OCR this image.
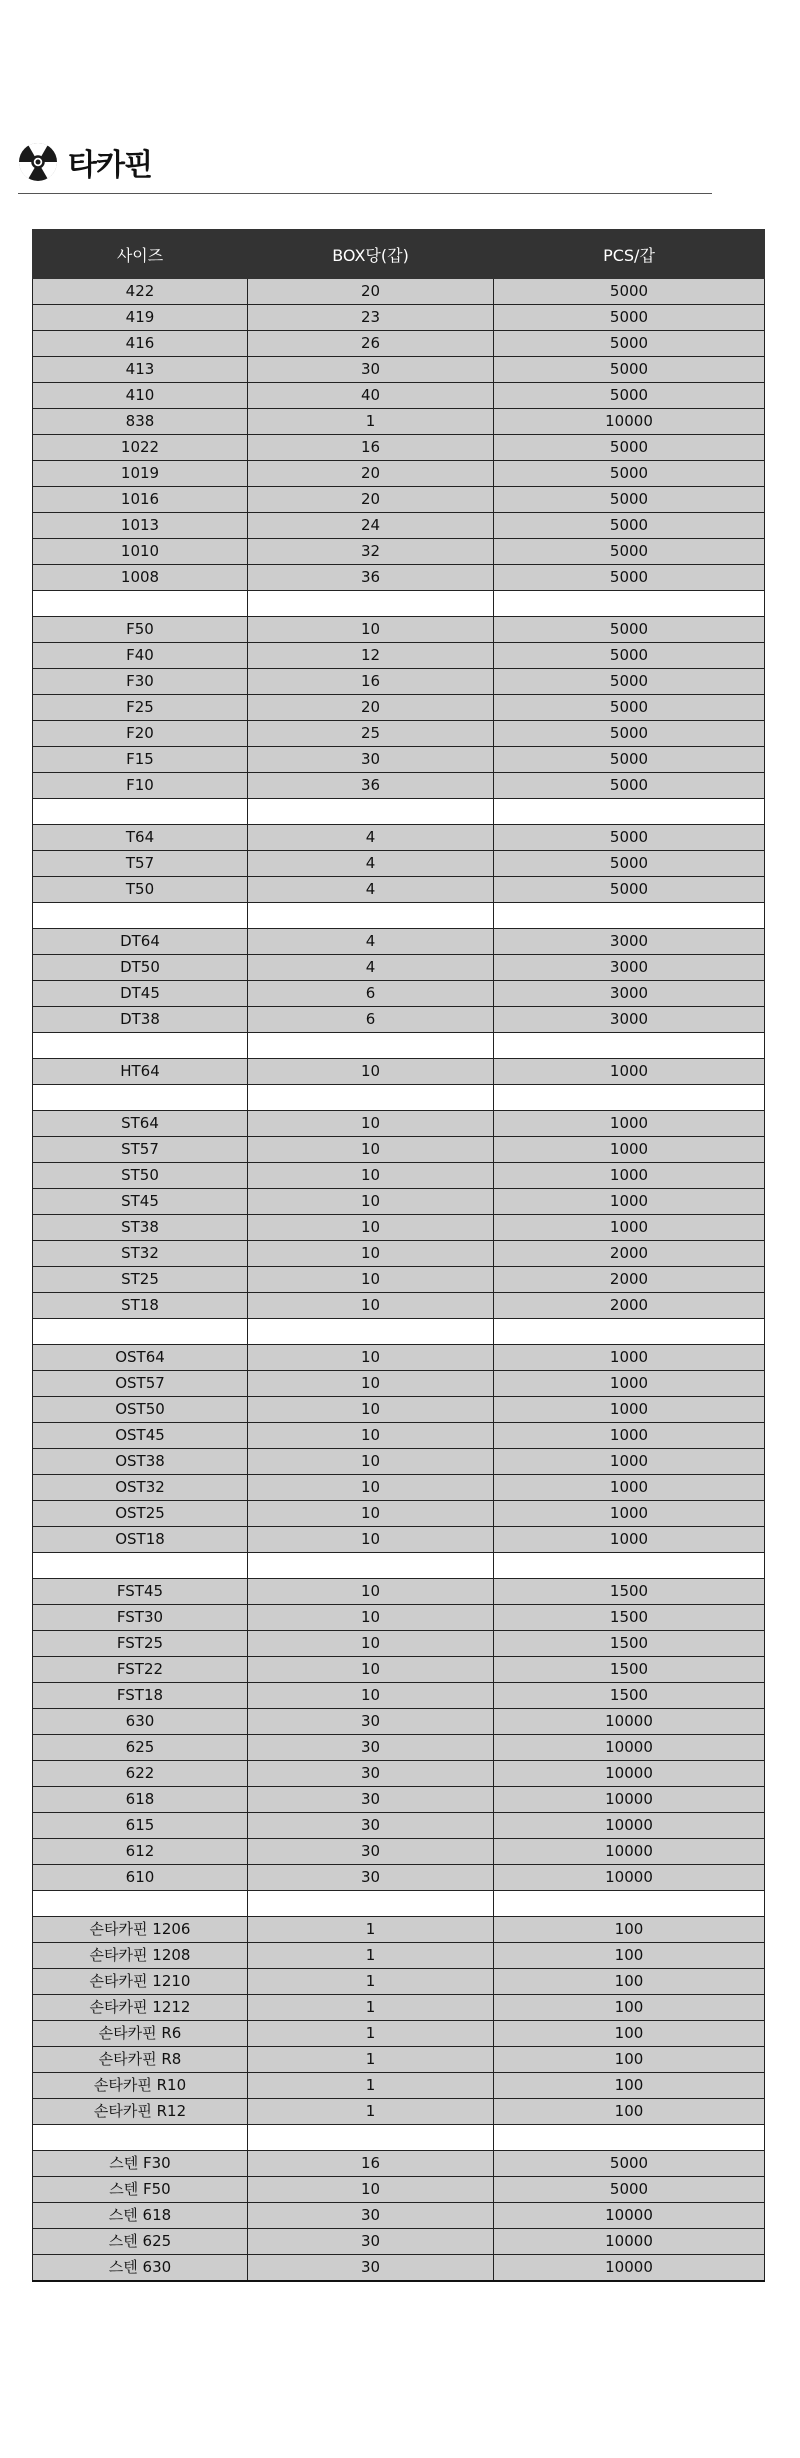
타카핀
사이즈	BOX당(갑)	PCS/갑
422	20	5000
419	23	5000
416	26	5000
413	30	5000
410	40	5000
838	1	10000
1022	16	5000
1019	20	5000
1016	20	5000
1013	24	5000
1010	32	5000
1008	36	5000

F50	10	5000
F40	12	5000
F30	16	5000
F25	20	5000
F20	25	5000
F15	30	5000
F10	36	5000

T64	4	5000
T57	4	5000
T50	4	5000

DT64	4	3000
DT50	4	3000
DT45	6	3000
DT38	6	3000

HT64	10	1000

ST64	10	1000
ST57	10	1000
ST50	10	1000
ST45	10	1000
ST38	10	1000
ST32	10	2000
ST25	10	2000
ST18	10	2000

OST64	10	1000
OST57	10	1000
OST50	10	1000
OST45	10	1000
OST38	10	1000
OST32	10	1000
OST25	10	1000
OST18	10	1000

FST45	10	1500
FST30	10	1500
FST25	10	1500
FST22	10	1500
FST18	10	1500
630	30	10000
625	30	10000
622	30	10000
618	30	10000
615	30	10000
612	30	10000
610	30	10000

손타카핀 1206	1	100
손타카핀 1208	1	100
손타카핀 1210	1	100
손타카핀 1212	1	100
손타카핀 R6	1	100
손타카핀 R8	1	100
손타카핀 R10	1	100
손타카핀 R12	1	100

스텐 F30	16	5000
스텐 F50	10	5000
스텐 618	30	10000
스텐 625	30	10000
스텐 630	30	10000
